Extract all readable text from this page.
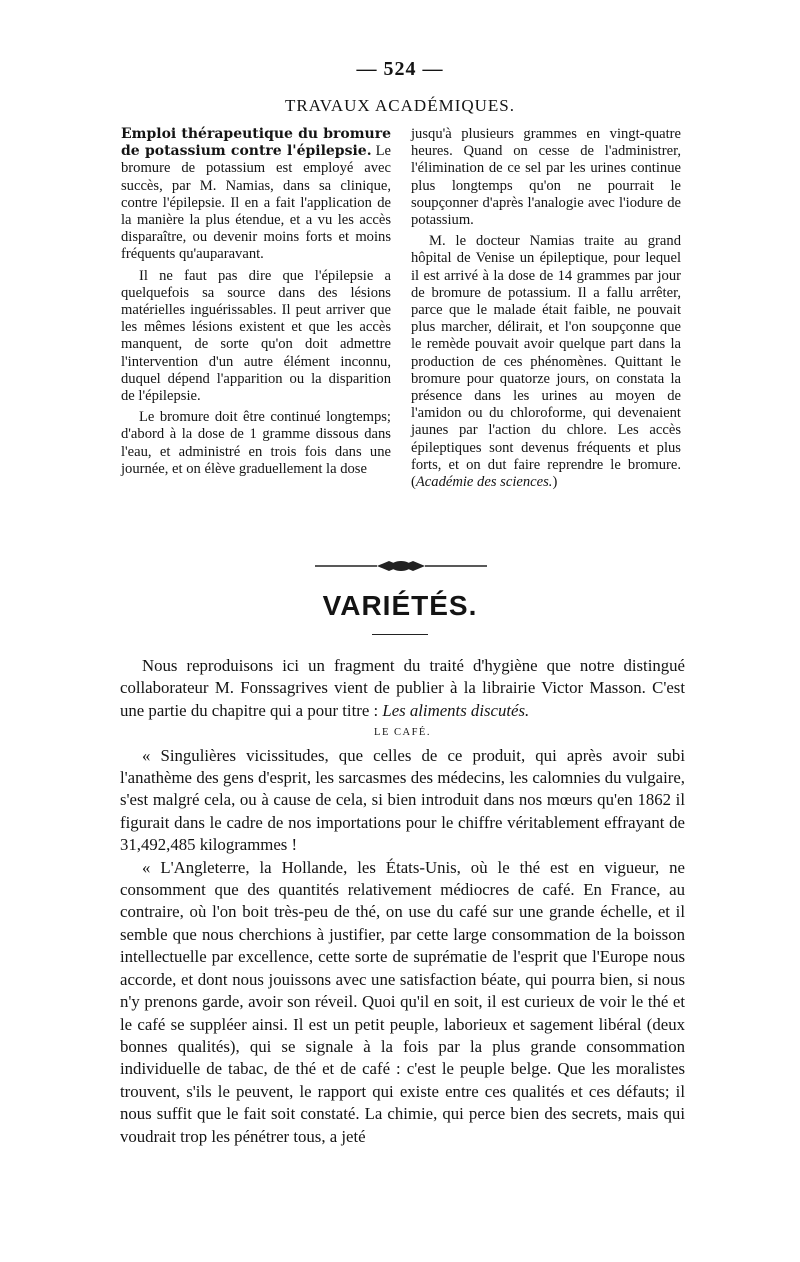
— 524 —
TRAVAUX ACADÉMIQUES.

Emploi thérapeutique du bromure de potassium contre l'épilepsie. Le bromure de potassium est employé avec succès, par M. Namias, dans sa clinique, contre l'épilepsie. Il en a fait l'application de la manière la plus étendue, et a vu les accès disparaître, ou devenir moins forts et moins fréquents qu'auparavant.

Il ne faut pas dire que l'épilepsie a quelquefois sa source dans des lésions matérielles inguérissables. Il peut arriver que les mêmes lésions existent et que les accès manquent, de sorte qu'on doit admettre l'intervention d'un autre élément inconnu, duquel dépend l'apparition ou la disparition de l'épilepsie.

Le bromure doit être continué longtemps; d'abord à la dose de 1 gramme dissous dans l'eau, et administré en trois fois dans une journée, et on élève graduellement la dose

jusqu'à plusieurs grammes en vingt-quatre heures. Quand on cesse de l'administrer, l'élimination de ce sel par les urines continue plus longtemps qu'on ne pourrait le soupçonner d'après l'analogie avec l'iodure de potassium.

M. le docteur Namias traite au grand hôpital de Venise un épileptique, pour lequel il est arrivé à la dose de 14 grammes par jour de bromure de potassium. Il a fallu arrêter, parce que le malade était faible, ne pouvait plus marcher, délirait, et l'on soupçonne que le remède pouvait avoir quelque part dans la production de ces phénomènes. Quittant le bromure pour quatorze jours, on constata la présence dans les urines au moyen de l'amidon ou du chloroforme, qui devenaient jaunes par l'action du chlore. Les accès épileptiques sont devenus fréquents et plus forts, et on dut faire reprendre le bromure. (Académie des sciences.)

VARIÉTÉS.

Nous reproduisons ici un fragment du traité d'hygiène que notre distingué collaborateur M. Fonssagrives vient de publier à la librairie Victor Masson. C'est une partie du chapitre qui a pour titre : Les aliments discutés.

LE CAFÉ.

« Singulières vicissitudes, que celles de ce produit, qui après avoir subi l'anathème des gens d'esprit, les sarcasmes des médecins, les calomnies du vulgaire, s'est malgré cela, ou à cause de cela, si bien introduit dans nos mœurs qu'en 1862 il figurait dans le cadre de nos importations pour le chiffre véritablement effrayant de 31,492,485 kilogrammes !

« L'Angleterre, la Hollande, les États-Unis, où le thé est en vigueur, ne consomment que des quantités relativement médiocres de café. En France, au contraire, où l'on boit très-peu de thé, on use du café sur une grande échelle, et il semble que nous cherchions à justifier, par cette large consommation de la boisson intellectuelle par excellence, cette sorte de suprématie de l'esprit que l'Europe nous accorde, et dont nous jouissons avec une satisfaction béate, qui pourra bien, si nous n'y prenons garde, avoir son réveil. Quoi qu'il en soit, il est curieux de voir le thé et le café se suppléer ainsi. Il est un petit peuple, laborieux et sagement libéral (deux bonnes qualités), qui se signale à la fois par la plus grande consommation individuelle de tabac, de thé et de café : c'est le peuple belge. Que les moralistes trouvent, s'ils le peuvent, le rapport qui existe entre ces qualités et ces défauts; il nous suffit que le fait soit constaté. La chimie, qui perce bien des secrets, mais qui voudrait trop les pénétrer tous, a jeté
